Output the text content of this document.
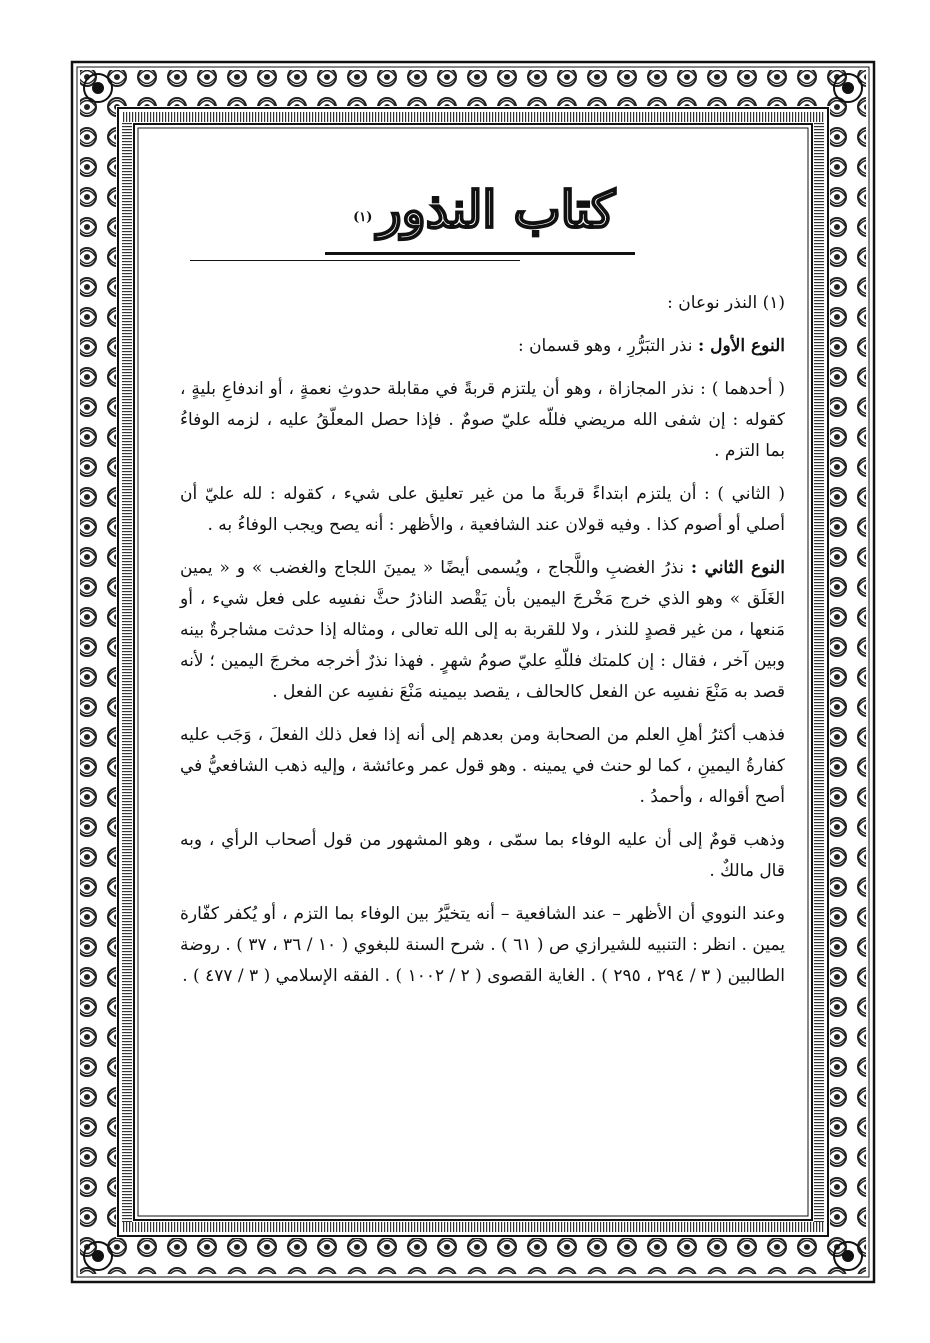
كتاب النذور $^{(١)}$

(١) النذر نوعان :

النوع الأول : نذر التبَرُّرِ ، وهو قسمان :

( أحدهما ) : نذر المجازاة ، وهو أن يلتزم قربةً في مقابلة حدوثِ نعمةٍ ، أو اندفاعِ بليةٍ ، كقوله : إن شفى الله مريضي فللّه عليّ صومٌ . فإذا حصل المعلّقُ عليه ، لزمه الوفاءُ بما التزم .

( الثاني ) : أن يلتزم ابتداءً قربةً ما من غير تعليق على شيء ، كقوله : لله عليّ أن أصلي أو أصوم كذا . وفيه قولان عند الشافعية ، والأظهر : أنه يصح ويجب الوفاءُ به .

النوع الثاني : نذرُ الغضبِ واللَّجاج ، ويُسمى أيضًا « يمينَ اللجاج والغضب » و « يمين الغَلَق » وهو الذي خرج مَخْرجَ اليمين بأن يَقْصد الناذرُ حثَّ نفسِه على فعل شيء ، أو مَنعها ، من غير قصدٍ للنذر ، ولا للقربة به إلى الله تعالى ، ومثاله إذا حدثت مشاجرةٌ بينه وبين آخر ، فقال : إن كلمتك فللّهِ عليّ صومُ شهرٍ . فهذا نذرٌ أخرجه مخرجَ اليمين ؛ لأنه قصد به مَنْعَ نفسِه عن الفعل كالحالف ، يقصد بيمينه مَنْعَ نفسِه عن الفعل .

فذهب أكثرُ أهلِ العلم من الصحابة ومن بعدهم إلى أنه إذا فعل ذلك الفعلَ ، وَجَب عليه كفارةُ اليمينِ ، كما لو حنث في يمينه . وهو قول عمر وعائشة ، وإليه ذهب الشافعيُّ في أصح أقواله ، وأحمدُ .

وذهب قومٌ إلى أن عليه الوفاء بما سمّى ، وهو المشهور من قول أصحاب الرأي ، وبه قال مالكٌ .

وعند النووي أن الأظهر – عند الشافعية – أنه يتخيَّرُ بين الوفاء بما التزم ، أو يُكفر كفّارة يمين . انظر : التنبيه للشيرازي ص ( ٦١ ) . شرح السنة للبغوي ( ١٠ / ٣٦ ، ٣٧ ) . روضة الطالبين ( ٣ / ٢٩٤ ، ٢٩٥ ) . الغاية القصوى ( ٢ / ١٠٠٢ ) . الفقه الإسلامي ( ٣ / ٤٧٧ ) .
